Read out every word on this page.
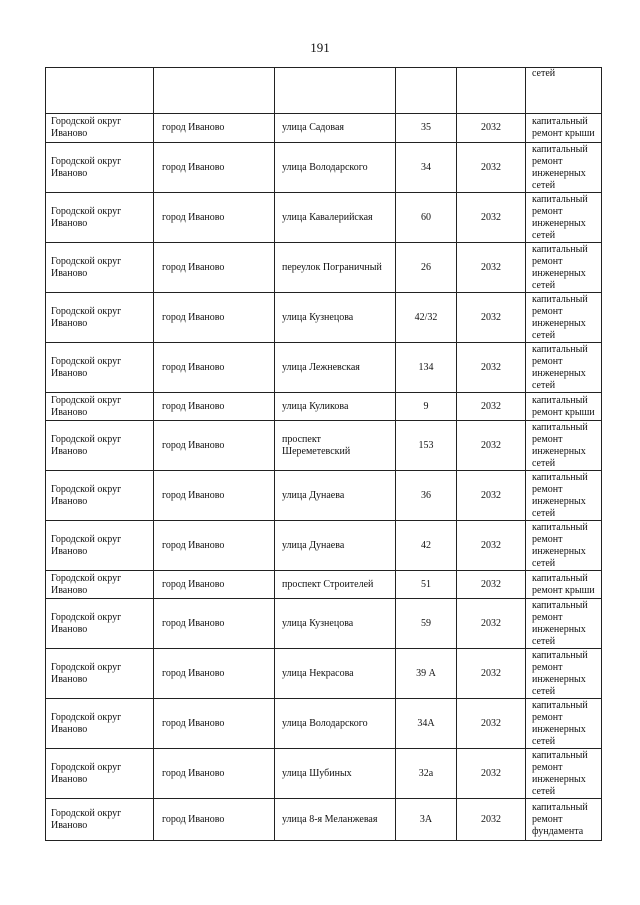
191
					сетей
Городской округ Иваново	город Иваново	улица Садовая	35	2032	капитальный ремонт крыши
Городской округ Иваново	город Иваново	улица Володарского	34	2032	капитальный ремонт инженерных сетей
Городской округ Иваново	город Иваново	улица Кавалерийская	60	2032	капитальный ремонт инженерных сетей
Городской округ Иваново	город Иваново	переулок Пограничный	26	2032	капитальный ремонт инженерных сетей
Городской округ Иваново	город Иваново	улица Кузнецова	42/32	2032	капитальный ремонт инженерных сетей
Городской округ Иваново	город Иваново	улица Лежневская	134	2032	капитальный ремонт инженерных сетей
Городской округ Иваново	город Иваново	улица Куликова	9	2032	капитальный ремонт крыши
Городской округ Иваново	город Иваново	проспект Шереметевский	153	2032	капитальный ремонт инженерных сетей
Городской округ Иваново	город Иваново	улица Дунаева	36	2032	капитальный ремонт инженерных сетей
Городской округ Иваново	город Иваново	улица Дунаева	42	2032	капитальный ремонт инженерных сетей
Городской округ Иваново	город Иваново	проспект Строителей	51	2032	капитальный ремонт крыши
Городской округ Иваново	город Иваново	улица Кузнецова	59	2032	капитальный ремонт инженерных сетей
Городской округ Иваново	город Иваново	улица Некрасова	39 А	2032	капитальный ремонт инженерных сетей
Городской округ Иваново	город Иваново	улица Володарского	34А	2032	капитальный ремонт инженерных сетей
Городской округ Иваново	город Иваново	улица Шубиных	32а	2032	капитальный ремонт инженерных сетей
Городской округ Иваново	город Иваново	улица 8-я Меланжевая	3А	2032	капитальный ремонт фундамента
